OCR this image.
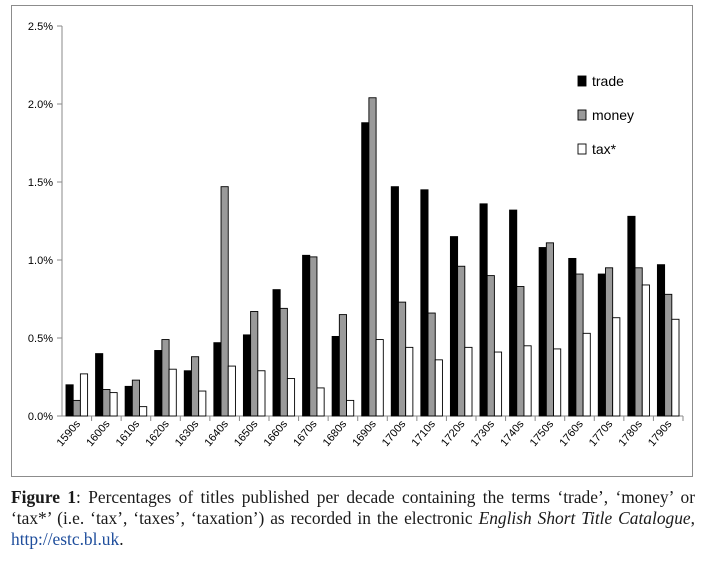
0.0%
0.5%
1.0%
1.5%
2.0%
2.5%
1590s 1600s 1610s 1620s 1630s 1640s 1650s 1660s 1670s 1680s 1690s 1700s 1710s 1720s 1730s 1740s 1750s 1760s 1770s 1780s 1790s
trade
money
tax*
Figure 1: Percentages of titles published per decade containing the terms ‘trade’, ‘money’ or ‘tax*’ (i.e. ‘tax’, ‘taxes’, ‘taxation’) as recorded in the electronic English Short Title Catalogue, http://estc.bl.uk.
